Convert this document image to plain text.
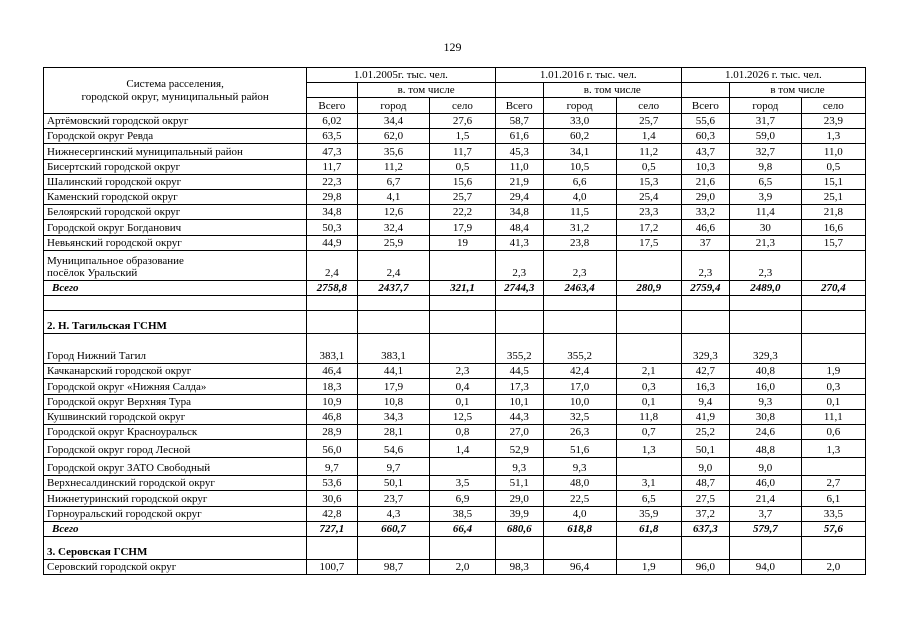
129
Система расселения,
городской округ, муниципальный район	1.01.2005г. тыс. чел.			1.01.2016 г. тыс. чел.			1.01.2026 г. тыс. чел.		
		в. том числе			в. том числе			в том числе	
	Всего	город	село	Всего	город	село	Всего	город	село
Артёмовский городской округ	6,02	34,4	27,6	58,7	33,0	25,7	55,6	31,7	23,9
Городской округ Ревда	63,5	62,0	1,5	61,6	60,2	1,4	60,3	59,0	1,3
Нижнесергинский муниципальный район	47,3	35,6	11,7	45,3	34,1	11,2	43,7	32,7	11,0
Бисертский городской округ	11,7	11,2	0,5	11,0	10,5	0,5	10,3	9,8	0,5
Шалинский городской округ	22,3	6,7	15,6	21,9	6,6	15,3	21,6	6,5	15,1
Каменский городской округ	29,8	4,1	25,7	29,4	4,0	25,4	29,0	3,9	25,1
Белоярский городской округ	34,8	12,6	22,2	34,8	11,5	23,3	33,2	11,4	21,8
Городской округ Богданович	50,3	32,4	17,9	48,4	31,2	17,2	46,6	30	16,6
Невьянский городской округ	44,9	25,9	19	41,3	23,8	17,5	37	21,3	15,7
Муниципальное образование
посёлок Уральский	2,4	2,4		2,3	2,3		2,3	2,3	
Всего	2758,8	2437,7	321,1	2744,3	2463,4	280,9	2759,4	2489,0	270,4

2. Н. Тагильская ГСНМ									
Город Нижний Тагил	383,1	383,1		355,2	355,2		329,3	329,3	
Качканарский городской округ	46,4	44,1	2,3	44,5	42,4	2,1	42,7	40,8	1,9
Городской округ «Нижняя Салда»	18,3	17,9	0,4	17,3	17,0	0,3	16,3	16,0	0,3
Городской округ Верхняя Тура	10,9	10,8	0,1	10,1	10,0	0,1	9,4	9,3	0,1
Кушвинский городской округ	46,8	34,3	12,5	44,3	32,5	11,8	41,9	30,8	11,1
Городской округ Красноуральск	28,9	28,1	0,8	27,0	26,3	0,7	25,2	24,6	0,6
Городской округ город Лесной	56,0	54,6	1,4	52,9	51,6	1,3	50,1	48,8	1,3
Городской округ ЗАТО Свободный	9,7	9,7		9,3	9,3		9,0	9,0	
Верхнесалдинский городской округ	53,6	50,1	3,5	51,1	48,0	3,1	48,7	46,0	2,7
Нижнетуринский городской округ	30,6	23,7	6,9	29,0	22,5	6,5	27,5	21,4	6,1
Горноуральский городской округ	42,8	4,3	38,5	39,9	4,0	35,9	37,2	3,7	33,5
Всего	727,1	660,7	66,4	680,6	618,8	61,8	637,3	579,7	57,6
3. Серовская ГСНМ									
Серовский городской округ	100,7	98,7	2,0	98,3	96,4	1,9	96,0	94,0	2,0
